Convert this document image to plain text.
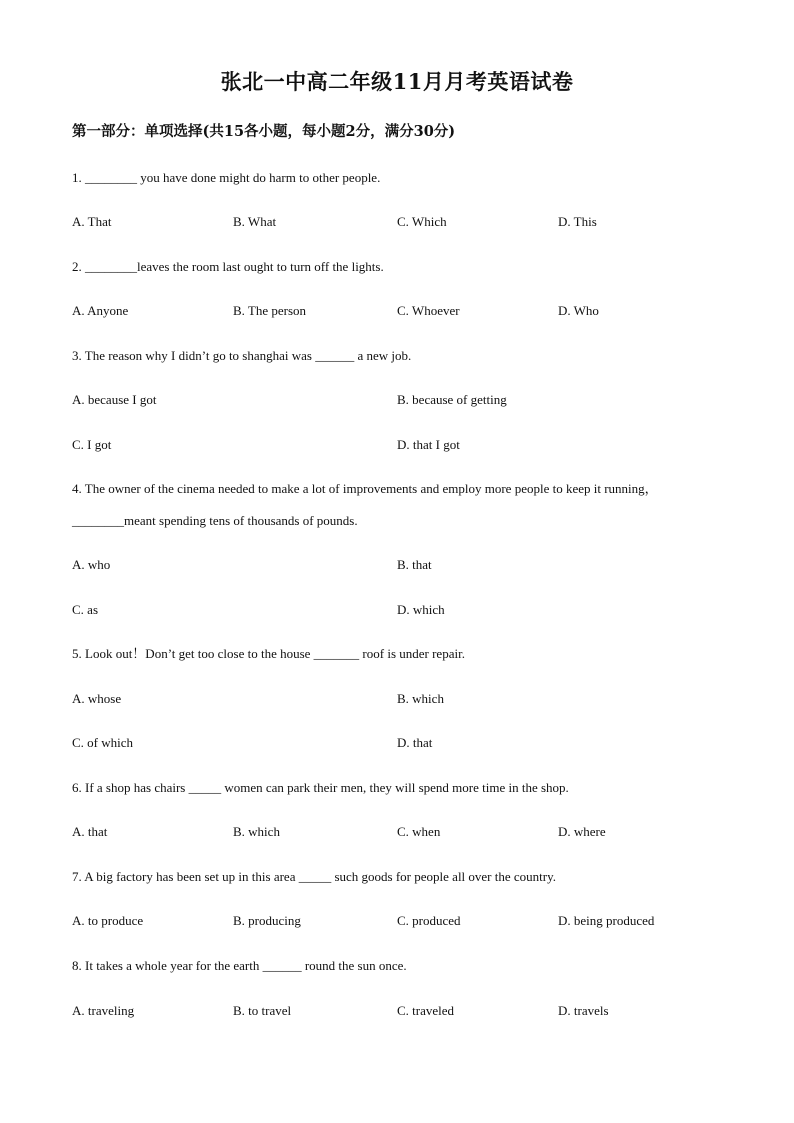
张北一中高二年级11月月考英语试卷
第一部分：单项选择(共15各小题，每小题2分，满分30分)
1. ________ you have done might do harm to other people.
A. That	B. What	C. Which	D. This
2. ________leaves the room last ought to turn off the lights.
A. Anyone	B. The person	C. Whoever	D. Who
3. The reason why I didn’t go to shanghai was ______ a new job.
A. because I got	B. because of getting
C. I got	D. that I got
4. The owner of the cinema needed to make a lot of improvements and employ more people to keep it running，
________meant spending tens of thousands of pounds.
A. who	B. that
C. as	D. which
5. Look out！Don’t get too close to the house _______ roof is under repair.
A. whose	B. which
C. of which	D. that
6. If a shop has chairs _____ women can park their men, they will spend more time in the shop.
A. that	B. which	C. when	D. where
7. A big factory has been set up in this area _____ such goods for people all over the country.
A. to produce	B. producing	C. produced	D. being produced
8. It takes a whole year for the earth ______ round the sun once.
A. traveling	B. to travel	C. traveled	D. travels
